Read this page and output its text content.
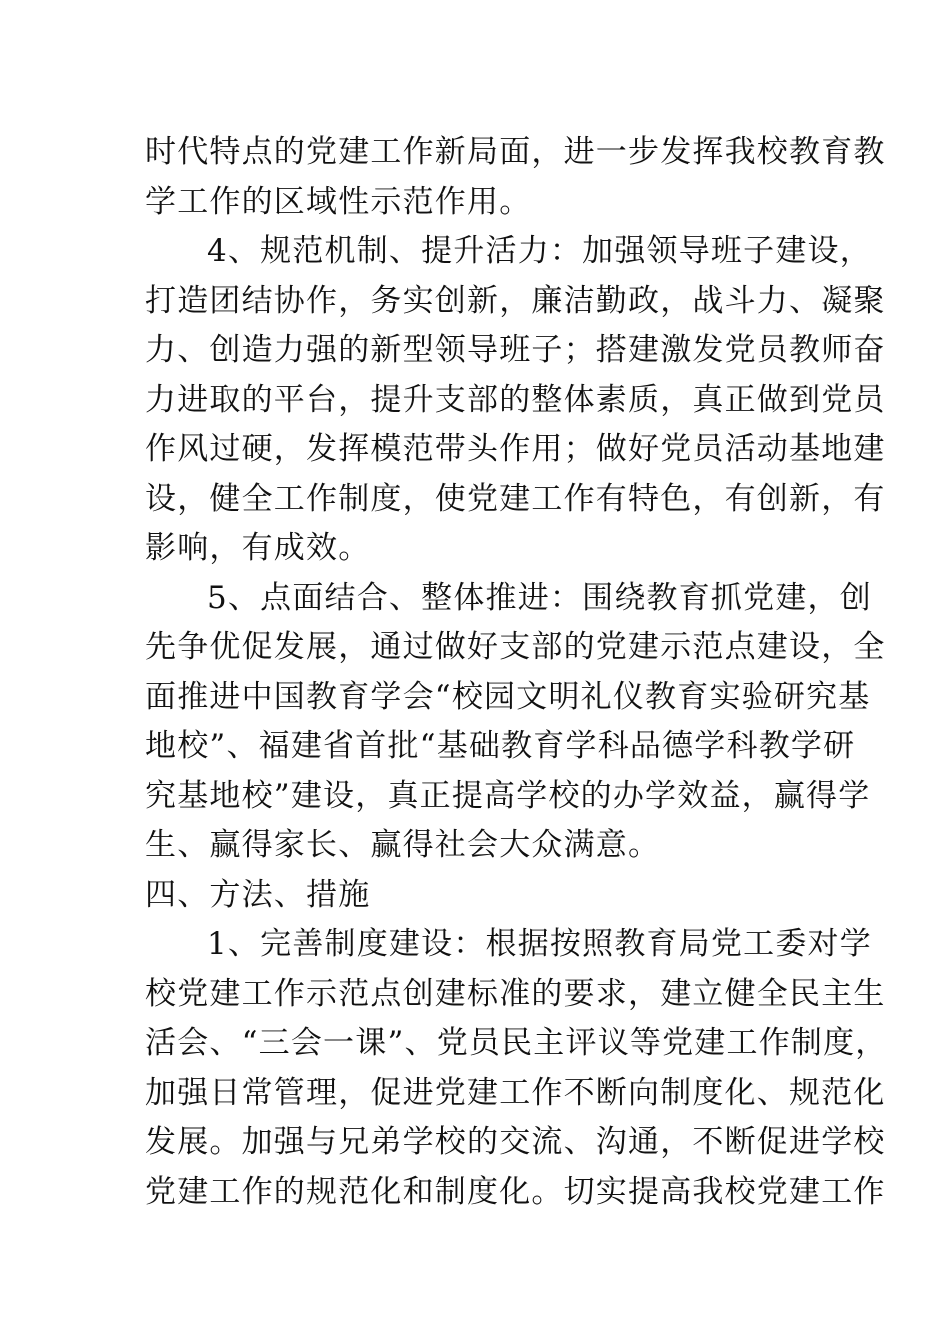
时代特点的党建工作新局面，进一步发挥我校教育教
学工作的区域性示范作用。
4、规范机制、提升活力：加强领导班子建设，
打造团结协作，务实创新，廉洁勤政，战斗力、凝聚
力、创造力强的新型领导班子；搭建激发党员教师奋
力进取的平台，提升支部的整体素质，真正做到党员
作风过硬，发挥模范带头作用；做好党员活动基地建
设，健全工作制度，使党建工作有特色，有创新，有
影响，有成效。
5、点面结合、整体推进：围绕教育抓党建，创
先争优促发展，通过做好支部的党建示范点建设，全
面推进中国教育学会“校园文明礼仪教育实验研究基
地校”、福建省首批“基础教育学科品德学科教学研
究基地校”建设，真正提高学校的办学效益，赢得学
生、赢得家长、赢得社会大众满意。
四、方法、措施
1、完善制度建设：根据按照教育局党工委对学
校党建工作示范点创建标准的要求，建立健全民主生
活会、“三会一课”、党员民主评议等党建工作制度，
加强日常管理，促进党建工作不断向制度化、规范化
发展。加强与兄弟学校的交流、沟通，不断促进学校
党建工作的规范化和制度化。切实提高我校党建工作
